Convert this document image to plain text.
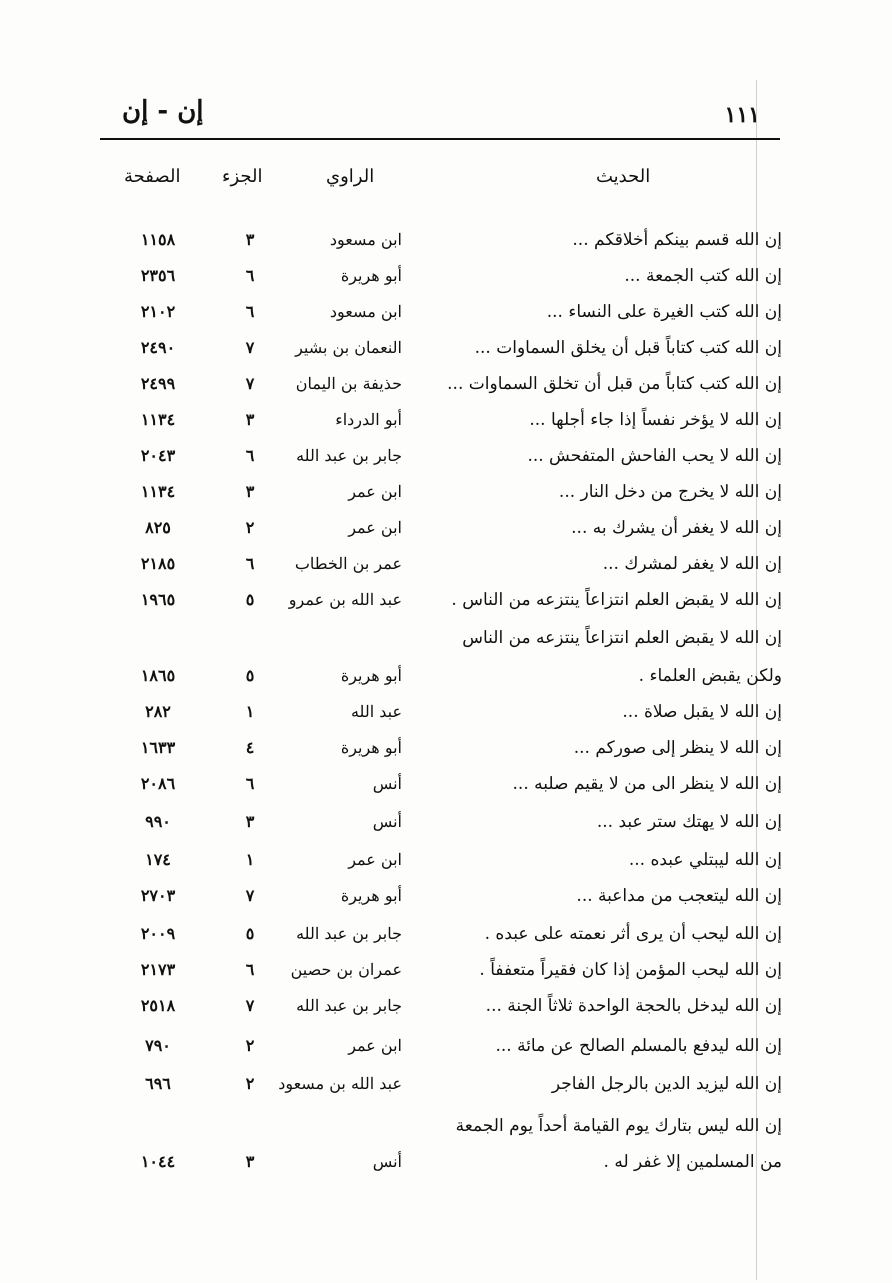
إن - إن	١١١
الحديث
الراوي
الجزء
الصفحة
إن الله قسم بينكم أخلاقكم ...
ابن مسعود
٣
١١٥٨
إن الله كتب الجمعة ...
أبو هريرة
٦
٢٣٥٦
إن الله كتب الغيرة على النساء ...
ابن مسعود
٦
٢١٠٢
إن الله كتب كتاباً قبل أن يخلق السماوات ...
النعمان بن بشير
٧
٢٤٩٠
إن الله كتب كتاباً من قبل أن تخلق السماوات ...
حذيفة بن اليمان
٧
٢٤٩٩
إن الله لا يؤخر نفساً إذا جاء أجلها ...
أبو الدرداء
٣
١١٣٤
إن الله لا يحب الفاحش المتفحش ...
جابر بن عبد الله
٦
٢٠٤٣
إن الله لا يخرج من دخل النار ...
ابن عمر
٣
١١٣٤
إن الله لا يغفر أن يشرك به ...
ابن عمر
٢
٨٢٥
إن الله لا يغفر لمشرك ...
عمر بن الخطاب
٦
٢١٨٥
إن الله لا يقبض العلم انتزاعاً ينتزعه من الناس .
عبد الله بن عمرو
٥
١٩٦٥
إن الله لا يقبض العلم انتزاعاً ينتزعه من الناس
ولكن يقبض العلماء .
أبو هريرة
٥
١٨٦٥
إن الله لا يقبل صلاة ...
عبد الله
١
٢٨٢
إن الله لا ينظر إلى صوركم ...
أبو هريرة
٤
١٦٣٣
إن الله لا ينظر الى من لا يقيم صلبه ...
أنس
٦
٢٠٨٦
إن الله لا يهتك ستر عبد ...
أنس
٣
٩٩٠
إن الله ليبتلي عبده ...
ابن عمر
١
١٧٤
إن الله ليتعجب من مداعبة ...
أبو هريرة
٧
٢٧٠٣
إن الله ليحب أن يرى أثر نعمته على عبده .
جابر بن عبد الله
٥
٢٠٠٩
إن الله ليحب المؤمن إذا كان فقيراً متعففاً .
عمران بن حصين
٦
٢١٧٣
إن الله ليدخل بالحجة الواحدة ثلاثاً الجنة ...
جابر بن عبد الله
٧
٢٥١٨
إن الله ليدفع بالمسلم الصالح عن مائة ...
ابن عمر
٢
٧٩٠
إن الله ليزيد الدين بالرجل الفاجر
عبد الله بن مسعود
٢
٦٩٦
إن الله ليس بتارك يوم القيامة أحداً يوم الجمعة
من المسلمين إلا غفر له .
أنس
٣
١٠٤٤
